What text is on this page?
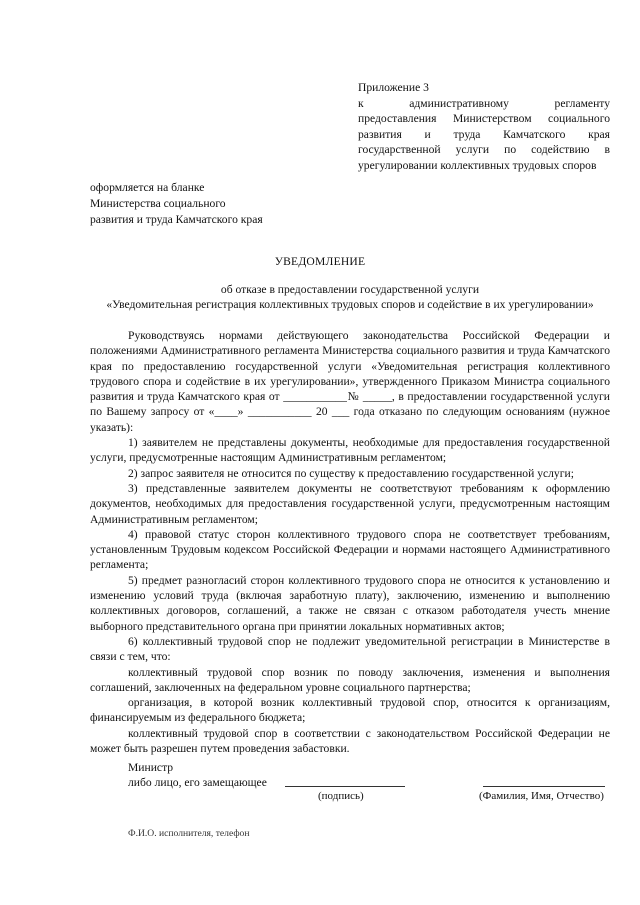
Приложение 3
к административному регламенту
предоставления Министерством социального
развития и труда Камчатского края
государственной услуги по содействию в
урегулировании коллективных трудовых споров
оформляется на бланке
Министерства социального
развития и труда Камчатского края
УВЕДОМЛЕНИЕ
об отказе в предоставлении государственной услуги
«Уведомительная регистрация коллективных трудовых споров и содействие в их урегулировании»

Руководствуясь нормами действующего законодательства Российской Федерации и положениями Административного регламента Министерства социального развития и труда Камчатского края по предоставлению государственной услуги «Уведомительная регистрация коллективного трудового спора и содействие в их урегулировании», утвержденного Приказом Министра социального развития и труда Камчатского края от ___________№ _____, в предоставлении государственной услуги по Вашему запросу от «____» ___________ 20 ___ года отказано по следующим основаниям (нужное указать):

1) заявителем не представлены документы, необходимые для предоставления государственной услуги, предусмотренные настоящим Административным регламентом;

2) запрос заявителя не относится по существу к предоставлению государственной услуги;

3) представленные заявителем документы не соответствуют требованиям к оформлению документов, необходимых для предоставления государственной услуги, предусмотренным настоящим Административным регламентом;

4) правовой статус сторон коллективного трудового спора не соответствует требованиям, установленным Трудовым кодексом Российской Федерации и нормами настоящего Административного регламента;

5) предмет разногласий сторон коллективного трудового спора не относится к установлению и изменению условий труда (включая заработную плату), заключению, изменению и выполнению коллективных договоров, соглашений, а также не связан с отказом работодателя учесть мнение выборного представительного органа при принятии локальных нормативных актов;

6) коллективный трудовой спор не подлежит уведомительной регистрации в Министерстве в связи с тем, что:

коллективный трудовой спор возник по поводу заключения, изменения и выполнения соглашений, заключенных на федеральном уровне социального партнерства;

организация, в которой возник коллективный трудовой спор, относится к организациям, финансируемым из федерального бюджета;

коллективный трудовой спор в соответствии с законодательством Российской Федерации не может быть разрешен путем проведения забастовки.

Министр
либо лицо, его замещающее
(подпись)	(Фамилия, Имя, Отчество)
Ф.И.О. исполнителя, телефон
